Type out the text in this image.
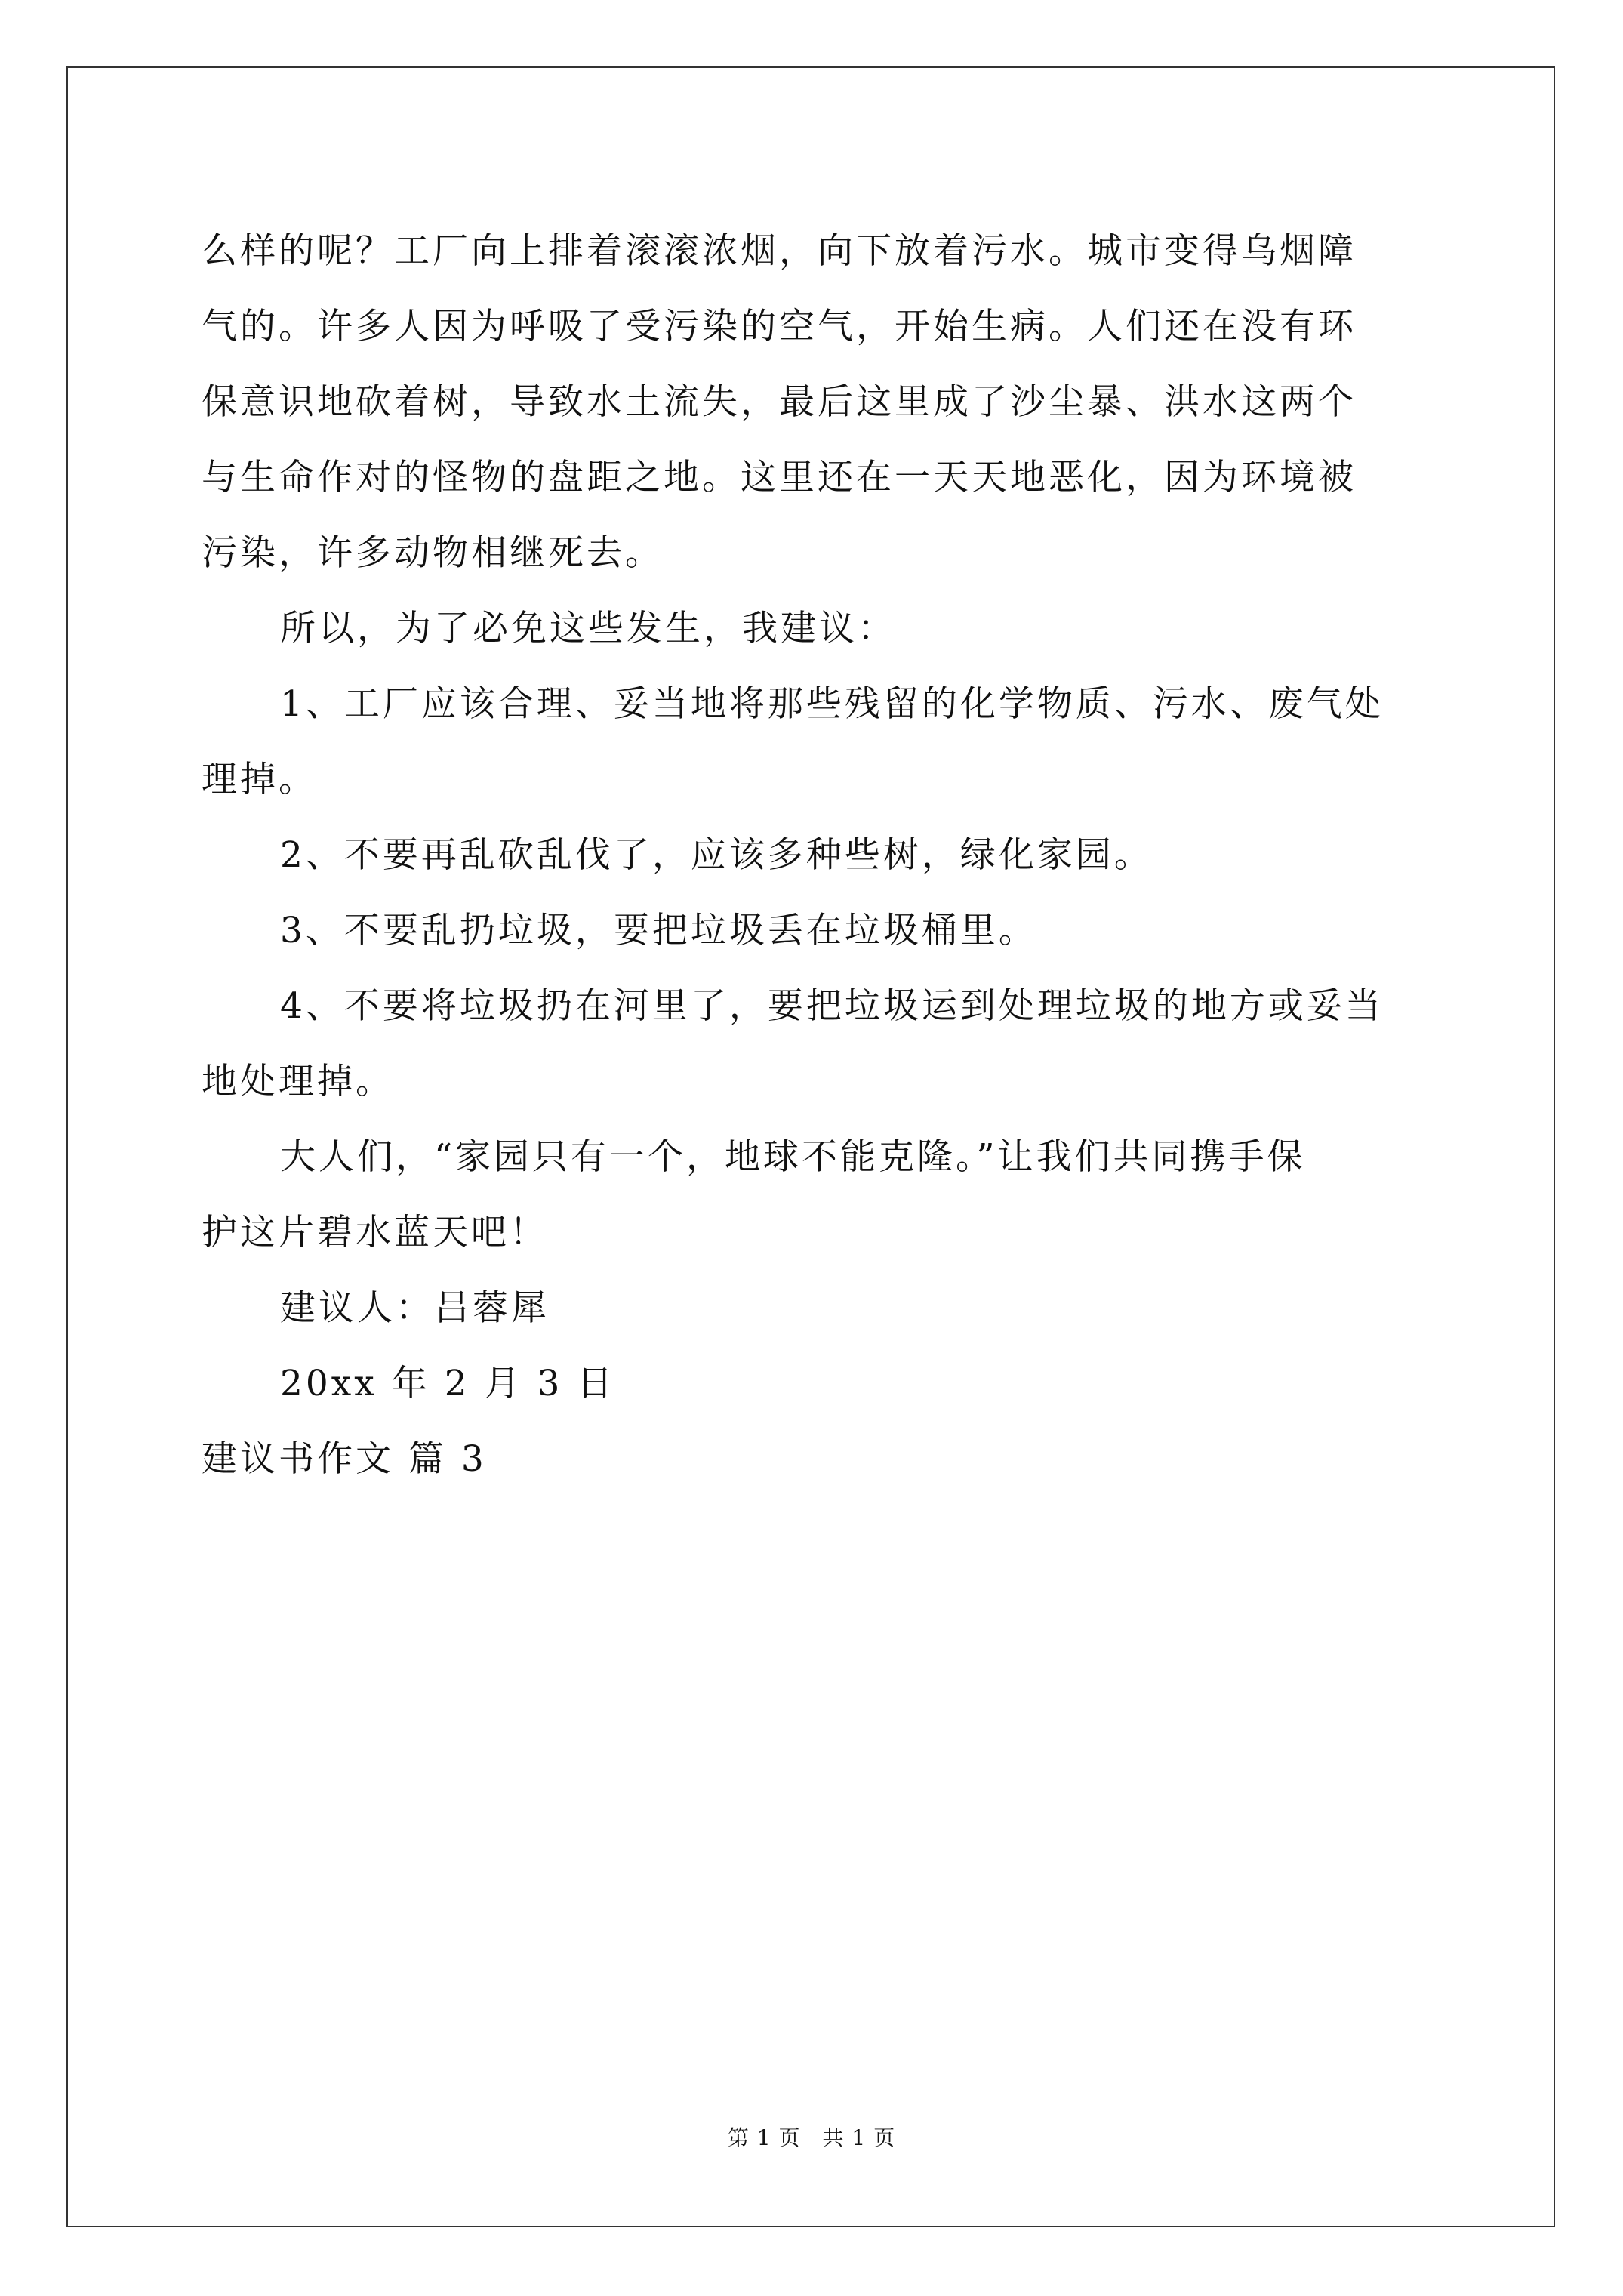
么样的呢？工厂向上排着滚滚浓烟，向下放着污水。城市变得乌烟障
气的。许多人因为呼吸了受污染的空气，开始生病。人们还在没有环
保意识地砍着树，导致水土流失，最后这里成了沙尘暴、洪水这两个
与生命作对的怪物的盘距之地。这里还在一天天地恶化，因为环境被
污染，许多动物相继死去。
所以，为了必免这些发生，我建议：
1、工厂应该合理、妥当地将那些残留的化学物质、污水、废气处
理掉。
2、不要再乱砍乱伐了，应该多种些树，绿化家园。
3、不要乱扔垃圾，要把垃圾丢在垃圾桶里。
4、不要将垃圾扔在河里了，要把垃圾运到处理垃圾的地方或妥当
地处理掉。
大人们，“家园只有一个，地球不能克隆。”让我们共同携手保
护这片碧水蓝天吧！
建议人：吕蓉犀
20xx 年 2 月 3 日
建议书作文 篇 3
第 1 页　共 1 页
